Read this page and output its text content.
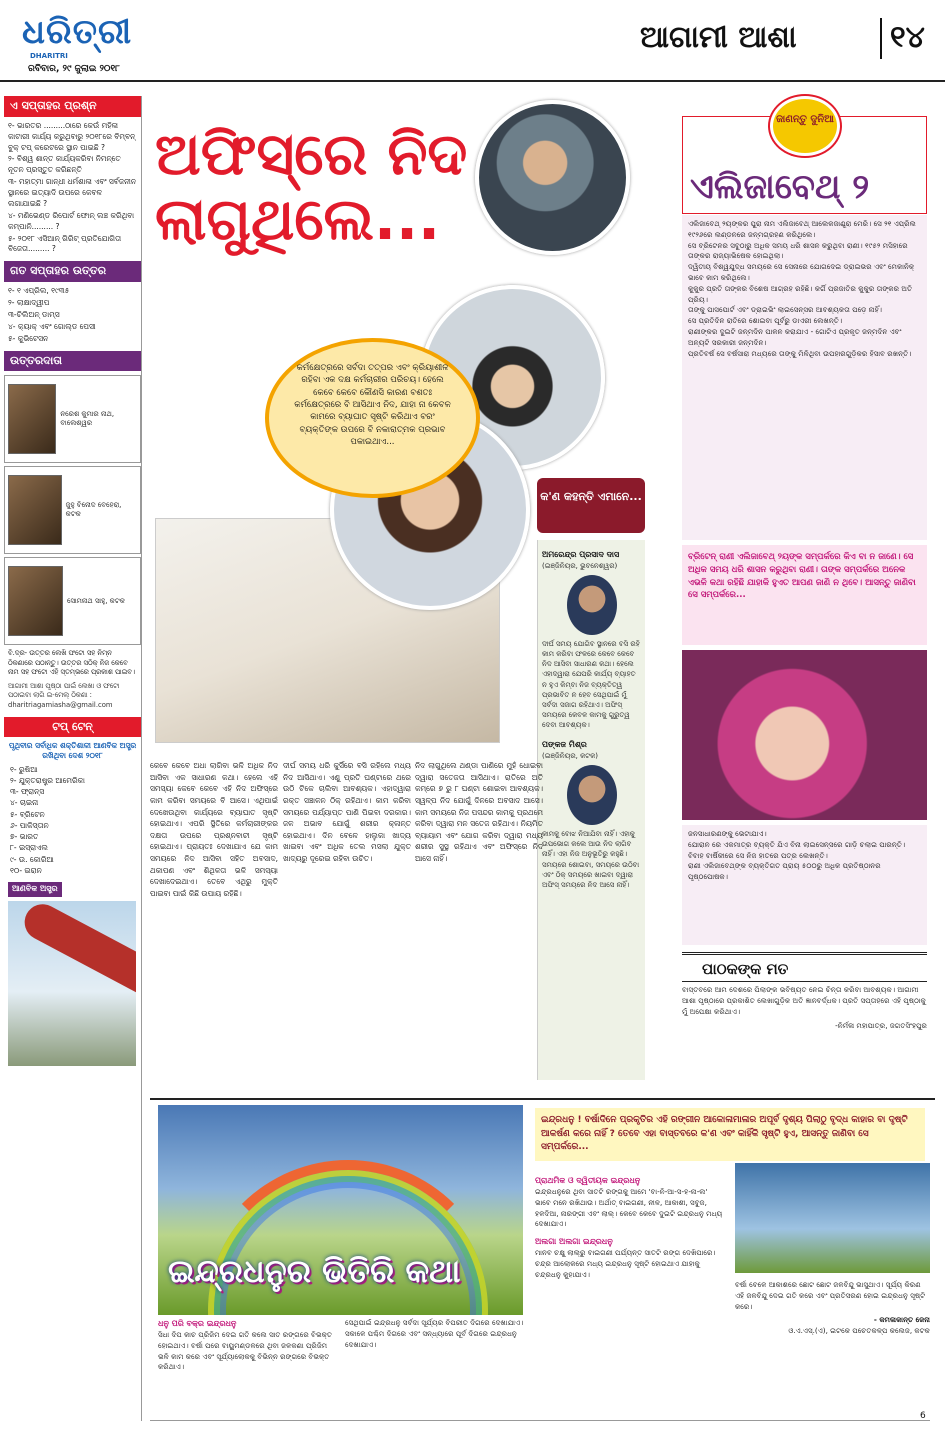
ଧରିତ୍ରୀ
DHARITRI
ରବିବାର, ୨୯ ଜୁଲାଇ ୨୦୧୮
ଆଗାମୀ ଆଶା	୧୪
ଏ ସପ୍ତାହର ପ୍ରଶ୍ନ
୧- ଭାରତର .........ଠାରେ କେଉଁ ମହିଳା କାଟାରୀ କାର୍ଯ୍ୟ କରୁଥିବାରୁ ୨୦୧୮ରେ ବିମ୍ବନ୍ ବୁକ୍ ଟପ୍ କରେଟରେ ସ୍ଥାନ ପାଇଛି ?
୨- ବିଶ୍ୱ ଶାନ୍ତ କାର୍ଯ୍ୟକରିବା ନିମନ୍ତେ ନୂତନ ପ୍ରସ୍ତୁତ କରିଛନ୍ତି
୩- ମହାତ୍ମା ଗାନ୍ଧୀ ଧର୍ମଶାଳା ଏବଂ ସର୍ବଜନୀନ ସ୍ଥାନରେ ଇତ୍ୟାଦି ଉପରେ କେବଳ ଲଗାଯାଇଛି ?
୪- ମଣିଭେଣ୍ଡ ରିପୋର୍ଟ ଫୋନ୍ ଲଞ୍ଚ କରିଥିବା କମ୍ପାନି......... ?
୫- ୨୦୧୮ ଏସିଆନ୍ ଗିରିଟ୍ ପ୍ରତିଯୋଗିତା ବିଜେତା......... ?
ଗତ ସପ୍ତାହର ଉତ୍ତର
୧- ୧ ଏପ୍ରିଲ, ୧୯୩୫
୨- ଲାକ୍ଷାଦ୍ୱୀପ
୩-ଚିଲିଅନ୍ ଡାମ୍‌ସ
୪- କ୍ୟାକ୍ ଏବଂ ଗୋଲ୍ଡ ପେସୀ
୫- କୁଭିଟେସନ
ଉତ୍ତରଦାତା
ନରେଶ କୁମାର ନାଥ, ବାଲେଶ୍ୱର
ଜୁହୁ ବିନୋଦ ବେହେରା, କଟକ
ସୋମନାଥ ସାହୁ, କଟକ
ବି.ଦ୍ର- ଉତ୍ତର ଲେଖି ଫଟୋ ସହ ନିମ୍ନ ଠିକଣାରେ ପଠାନ୍ତୁ। ଉତ୍ତର ସଠିକ୍ ନିଜ କେବେ ନାମ ସହ ଫଟୋ ଏହି ସ୍ତମ୍ଭରେ ପ୍ରକାଶ ପାଇବ।
ଆଗାମୀ ଆଶା ପୃଷ୍ଠା ପାଇଁ ଲେଖା ଓ ଫଟୋ ପଠାଇବା ଲାଗି ଇ-ମେଲ୍ ଠିକଣା : dharitriagamiasha@gmail.com
ଟପ୍ ଟେନ୍
ପୃଥିବୀର ସର୍ବାଧିକ ଶକ୍ତିଶାଳୀ ଆଣବିକ ଅସ୍ତ୍ର ରଖିଥିବା ଦେଶ ୨୦୧୮
୧- ରୁଷିଆ
୨- ଯୁକ୍ତରାଷ୍ଟ୍ର ଆମେରିକା
୩- ଫ୍ରାନ୍ସ
୪- ଚାଇନା
୫- ବ୍ରିଟେନ
୬- ପାକିସ୍ତାନ
୭- ଭାରତ
୮- ଇସ୍ରାଏଲ
୯- ଉ. କୋରିଆ
୧୦- ଇରାନ
ଆଣବିକ ଅସ୍ତ୍ର
ଅଫିସ୍‌ରେ ନିଦ ଲାଗୁଥିଲେ...
କର୍ମକ୍ଷେତ୍ରରେ ସର୍ବଦା ତତ୍ପର ଏବଂ କ୍ରିୟାଶୀଳ ରହିବା ଏକ ଦକ୍ଷ କର୍ମଚାରୀର ପରିଚୟ। ହେଲେ କେବେ କେବେ କୌଣସି କାରଣ ବଶତଃ କର୍ମକ୍ଷେତ୍ରରେ ବି ଆସିଥାଏ ନିଦ, ଯାହା ନା କେବଳ କାମରେ ବ୍ୟାଘାତ ସୃଷ୍ଟି କରିଥାଏ ବରଂ ବ୍ୟକ୍ତିଙ୍କ ଉପରେ ବି ନକାରାତ୍ମକ ପ୍ରଭାବ ପକାଇଥାଏ...
କ'ଣ କହନ୍ତି ଏମାନେ...
ଅମରେନ୍ଦ୍ର ପ୍ରସାଦ ଦାସ
(ଇଞ୍ଜିନିୟର, ଭୁବନେଶ୍ୱର)
ଦୀର୍ଘ ସମୟ ଯୋଗିବ ସ୍ଥାନରେ ବସି ରହି କାମ କରିବା ଫଳରେ କେବେ କେବେ ନିଦ ଆସିବା ସାଧାରଣ କଥା। ହେଲେ ଏହାଦ୍ୱାରା ଯେପରି କାର୍ଯ୍ୟ ବ୍ୟାହତ ନ ହୁଏ କିମ୍ବା ନିଜ ବ୍ୟକ୍ତିତ୍ୱ ପ୍ରଭାବିତ ନ ହେବ ସେଥିପାଇଁ ମୁଁ ସର୍ବଦା ସଜାଗ ରହିଥାଏ। ଅଫିସ୍ ସମୟରେ କେବଳ କାମକୁ ଗୁରୁତ୍ୱ ଦେବା ଆବଶ୍ୟକ।
ପଙ୍କଜ ମିଶ୍ର
(ଇଞ୍ଜିନିୟର, କଟକ)
କାମକୁ ବୋଝ ନିଆଯିବା ନାହିଁ। ଏହାକୁ ଉପଭୋଗ କଲେ ଆଉ ନିଦ ଲାଗିବ ନାହିଁ। ଏହା ନିଜ ଅନୁଭୂତିରୁ କହୁଛି। ସମୟରେ ଶୋଇବା, ସମୟରେ ଉଠିବା ଏବଂ ଠିକ୍ ସମୟରେ ଖାଇବା ଦ୍ୱାରା ଅଫିସ୍ ସମୟରେ ନିଦ ଆସେ ନାହିଁ।
କେବେ କେବେ ଅଧା ଲାଗିବା ଭଳି ଅଧିକ ନିଦ ଆସିବା ଏକ ସାଧାରଣ କଥା। ହେଲେ ଏହି ସମସ୍ୟା କେବେ କେବେ ଏହି ନିଦ ଅଫିସ୍‌ରେ କାମ କରିବା ସମୟରେ ବି ଆସେ। ଏଥିପାଇଁ ଦେଖେଉଥିବା କାର୍ଯ୍ୟରେ ବ୍ୟାଘାତ ସୃଷ୍ଟି ହୋଇଥାଏ। ଏପରି ସ୍ଥିତିରେ କର୍ମଚାରୀଙ୍କର ଦକ୍ଷତା ଉପରେ ପ୍ରଶ୍ନବାଚୀ ସୃଷ୍ଟି ହୋଇଥାଏ। ପ୍ରାୟତଃ ଦେଖାଯାଏ ଯେ କାମ ସମୟରେ ନିଦ ଆସିବା ସହିତ ଅବସାଦ, ଥକାପଣ ଏବଂ ଶିଥିଳତା ଭଳି ସମସ୍ୟା ଦେଖାଦେଇଥାଏ। ତେବେ ଏଥିରୁ ମୁକ୍ତି ପାଇବା ପାଇଁ କିଛି ଉପାୟ ରହିଛି।
ଦୀର୍ଘ ସମୟ ଧରି କୁର୍ସିରେ ବସି ରହିଲେ ମଧ୍ୟ ନିଦ ଆସିଥାଏ। ଏଣୁ ପ୍ରତି ଘଣ୍ଟାରେ ଥରେ ଉଠି ଟିକେ ଚାଲିବା ଆବଶ୍ୟକ। ଏହାଦ୍ୱାରା ରକ୍ତ ସଞ୍ଚାଳନ ଠିକ୍ ରହିଥାଏ। କାମ କରିବା ସମୟରେ ପର୍ଯ୍ୟାପ୍ତ ପାଣି ପିଇବା ଦରକାର। ଜଳ ଅଭାବ ଯୋଗୁଁ ଶରୀର କ୍ଳାନ୍ତ ହୋଇଥାଏ। ଦିନ ବେଳେ ହାଲୁକା ଖାଦ୍ୟ ଖାଇବା ଏବଂ ଅଧିକ ତେଲ ମସଲା ଯୁକ୍ତ ଖାଦ୍ୟରୁ ଦୂରେଇ ରହିବା ଉଚିତ।
ନିଦ ଲାଗୁଥିଲେ ଥଣ୍ଡା ପାଣିରେ ମୁହଁ ଧୋଇବା ଦ୍ୱାରା ସତେଜତା ଆସିଥାଏ। ରାତିରେ ଅତି କମ୍‌ରେ ୭ ରୁ ୮ ଘଣ୍ଟା ଶୋଇବା ଆବଶ୍ୟକ। ସ୍ୱଳ୍ପ ନିଦ ଯୋଗୁଁ ଦିନରେ ଅବସାଦ ଆସେ। କାମ ସମୟରେ ନିଜ ପସନ୍ଦର କାମକୁ ପ୍ରଥମେ କରିବା ଦ୍ୱାରା ମନ ସତେଜ ରହିଥାଏ। ନିୟମିତ ବ୍ୟାୟାମ ଏବଂ ଯୋଗ କରିବା ଦ୍ୱାରା ମଧ୍ୟ ଶରୀର ସୁସ୍ଥ ରହିଥାଏ ଏବଂ ଅଫିସ୍‌ରେ ନିଦ ଆସେ ନାହିଁ।
ଜାଣନ୍ତୁ ଦୁନିଆ
ଏଲିଜାବେଥ୍ ୨
ଏଲିଜାବେଥ୍ ୨ୟଙ୍କର ପୁରା ନାମ ଏଲିଜାବେଥ୍ ଆଲେକଜାଣ୍ଡ୍ରା ମେରି। ସେ ୨୧ ଏପ୍ରିଲ ୧୯୨୬ରେ ଲଣ୍ଡନରେ ଜନ୍ମଗ୍ରହଣ କରିଥିଲେ।
ସେ ବ୍ରିଟେନର ସବୁଠାରୁ ଅଧିକ ସମୟ ଧରି ଶାସନ କରୁଥିବା ରାଣୀ। ୧୯୫୨ ମସିହାରେ ତାଙ୍କର ରାଜ୍ୟାଭିଷେକ ହୋଇଥିଲା।
ଦ୍ୱିତୀୟ ବିଶ୍ୱଯୁଦ୍ଧ ସମୟରେ ସେ ସେନାରେ ଯୋଗଦେଇ ଡ୍ରାଇଭର ଏବଂ ମେକାନିକ୍ ଭାବେ କାମ କରିଥିଲେ।
କୁକୁର ପ୍ରତି ତାଙ୍କର ବିଶେଷ ଆଗ୍ରହ ରହିଛି। କର୍ଗି ପ୍ରଜାତିର କୁକୁର ତାଙ୍କର ଅତି ପ୍ରିୟ।
ତାଙ୍କୁ ପାସପୋର୍ଟ ଏବଂ ଡ୍ରାଇଭିଂ ଲାଇସେନ୍ସର ଆବଶ୍ୟକତା ପଡ଼େ ନାହିଁ।
ସେ ପ୍ରତିଦିନ ରାତିରେ ଶୋଇବା ପୂର୍ବରୁ ଡାଏରୀ ଲେଖନ୍ତି।
ରାଣୀଙ୍କର ଦୁଇଟି ଜନ୍ମଦିନ ପାଳନ କରାଯାଏ - ଗୋଟିଏ ପ୍ରକୃତ ଜନ୍ମଦିନ ଏବଂ ଅନ୍ୟଟି ସରକାରୀ ଜନ୍ମଦିନ।
ପ୍ରତିବର୍ଷ ସେ ବର୍ଷସାରା ମଧ୍ୟରେ ତାଙ୍କୁ ମିଳିଥିବା ଉପହାରଗୁଡ଼ିକର ହିସାବ ରଖନ୍ତି।
ବ୍ରିଟେନ୍ ରାଣୀ ଏଲିଜାବେଥ୍ ୨ୟଙ୍କ ସମ୍ପର୍କରେ କିଏ ବା ନ ଜାଣେ। ସେ ଅଧିକ ସମୟ ଧରି ଶାସନ କରୁଥିବା ରାଣୀ। ତାଙ୍କ ସମ୍ପର୍କରେ ଅନେକ ଏଭଳି କଥା ରହିଛି ଯାହାକି ହୁଏତ ଆପଣ ଜାଣି ନ ଥିବେ। ଆସନ୍ତୁ ଜାଣିବା ସେ ସମ୍ପର୍କରେ...
ଜନସାଧାରଣଙ୍କୁ ଭେଟାଯାଏ।
ଯୋରାନ ରେ ଏକମାତ୍ର ବ୍ୟକ୍ତି ଯିଏ ବିନା ଲାଇସେନ୍ସରେ ଗାଡ଼ି ଚଲାଇ ପାରନ୍ତି।
ବିବାହ ବାର୍ଷିକୀରେ ସେ ନିଜ ହାତରେ ପତ୍ର ଲେଖନ୍ତି।
ରାଣୀ ଏଲିଜାବେଥ୍‌ଙ୍କ ବ୍ୟକ୍ତିଗତ ପ୍ରାୟ ୫୦୦ରୁ ଅଧିକ ପ୍ରତିଷ୍ଠାନର ପୃଷ୍ଠପୋଷକ।
ପାଠକଙ୍କ ମତ
ବାସ୍ତବରେ ଆମ ଦେଶରେ ପିଲାଙ୍କ ଭବିଷ୍ୟତ ନେଇ ଚିନ୍ତା କରିବା ଆବଶ୍ୟକ। ଆଗାମୀ ଆଶା ପୃଷ୍ଠାରେ ପ୍ରକାଶିତ ଲେଖାଗୁଡ଼ିକ ଅତି ଜ୍ଞାନବର୍ଦ୍ଧକ। ପ୍ରତି ସପ୍ତାହରେ ଏହି ପୃଷ୍ଠାକୁ ମୁଁ ଅପେକ୍ଷା କରିଥାଏ।
-ନିର୍ମଳା ମହାପାତ୍ର, ଜଗତସିଂହପୁର
ଇନ୍ଦ୍ରଧନୁର ଭିତିରି କଥା
ଇନ୍ଦ୍ରଧନୁ ! ବର୍ଷାଦିନେ ପ୍ରକୃତିର ଏହି ରଙ୍ଗୀନ ଆକୋଳାମାଳାର ଅପୂର୍ବ ଦୃଶ୍ୟ ପିଲାଠୁ ବୃଦ୍ଧ କାହାର ବା ଦୃଷ୍ଟି ଆକର୍ଷଣ କରେ ନାହିଁ ? ତେବେ ଏହା ବାସ୍ତବରେ କ'ଣ ଏବଂ କାହିଁକି ସୃଷ୍ଟି ହୁଏ, ଆସନ୍ତୁ ଜାଣିବା ସେ ସମ୍ପର୍କରେ...
ଧନୁ ପରି ବକ୍ର ଇନ୍ଦ୍ରଧନୁ
ସିଧା ଦିପ କାଚ ପ୍ରିଜିମ ଦେଇ ଗତି କଲେ ସାତ ରଙ୍ଗରେ ବିଭକ୍ତ ହୋଇଥାଏ। ବର୍ଷା ପରେ ବାୟୁମଣ୍ଡଳରେ ଥିବା ଜଳକଣା ପ୍ରିଜିମ ଭଳି କାମ କରେ ଏବଂ ସୂର୍ଯ୍ୟାଲୋକକୁ ବିଭିନ୍ନ ରଙ୍ଗରେ ବିଭକ୍ତ କରିଥାଏ।
ସେଥିପାଇଁ ଇନ୍ଦ୍ରଧନୁ ସର୍ବଦା ସୂର୍ଯ୍ୟର ବିପରୀତ ଦିଗରେ ଦେଖାଯାଏ। ସକାଳେ ପଶ୍ଚିମ ଦିଗରେ ଏବଂ ସନ୍ଧ୍ୟାରେ ପୂର୍ବ ଦିଗରେ ଇନ୍ଦ୍ରଧନୁ ଦେଖାଯାଏ।
ପ୍ରାଥମିକ ଓ ଦ୍ୱିତୀୟକ ଇନ୍ଦ୍ରଧନୁ
ଇନ୍ଦ୍ରଧନୁରେ ଥିବା ସାତଟି ରଙ୍ଗକୁ ଆମେ 'ବା-ନି-ଆ-ସ-ହ-ନା-ଲ' ଭାବେ ମନେ ରଖିଥାଉ। ଅର୍ଥାତ୍ ବାଇଗଣୀ, ନୀଳ, ଆକାଶୀ, ସବୁଜ, ହଳଦିଆ, ନାରଙ୍ଗୀ ଏବଂ ଲାଲ୍। କେବେ କେବେ ଦୁଇଟି ଇନ୍ଦ୍ରଧନୁ ମଧ୍ୟ ଦେଖାଯାଏ।
ଅଲଗା ଅଲଗା ଇନ୍ଦ୍ରଧନୁ
ମାନବ ଚକ୍ଷୁ ଲାଲ୍‌ରୁ ବାଇଗଣୀ ପର୍ଯ୍ୟନ୍ତ ସାତଟି ରଙ୍ଗ ଦେଖିପାରେ। ଚନ୍ଦ୍ର ଆଲୋକରେ ମଧ୍ୟ ଇନ୍ଦ୍ରଧନୁ ସୃଷ୍ଟି ହୋଇଥାଏ ଯାହାକୁ ଚନ୍ଦ୍ରଧନୁ କୁହାଯାଏ।
ବର୍ଷା ବେଳେ ଆକାଶରେ ଛୋଟ ଛୋଟ ଜଳବିନ୍ଦୁ ଭାସୁଥାଏ। ସୂର୍ଯ୍ୟ କିରଣ ଏହି ଜଳବିନ୍ଦୁ ଦେଇ ଗତି କରେ ଏବଂ ପ୍ରତିସରଣ ହୋଇ ଇନ୍ଦ୍ରଧନୁ ସୃଷ୍ଟି କରେ।
- କମଳାକାନ୍ତ ଜେନା
ଓ.ଏ.ଏସ୍.(ଏ), ଇଟକେ ପଚେତକଳ୍ପ କଲେଜ, କଟକ
6
